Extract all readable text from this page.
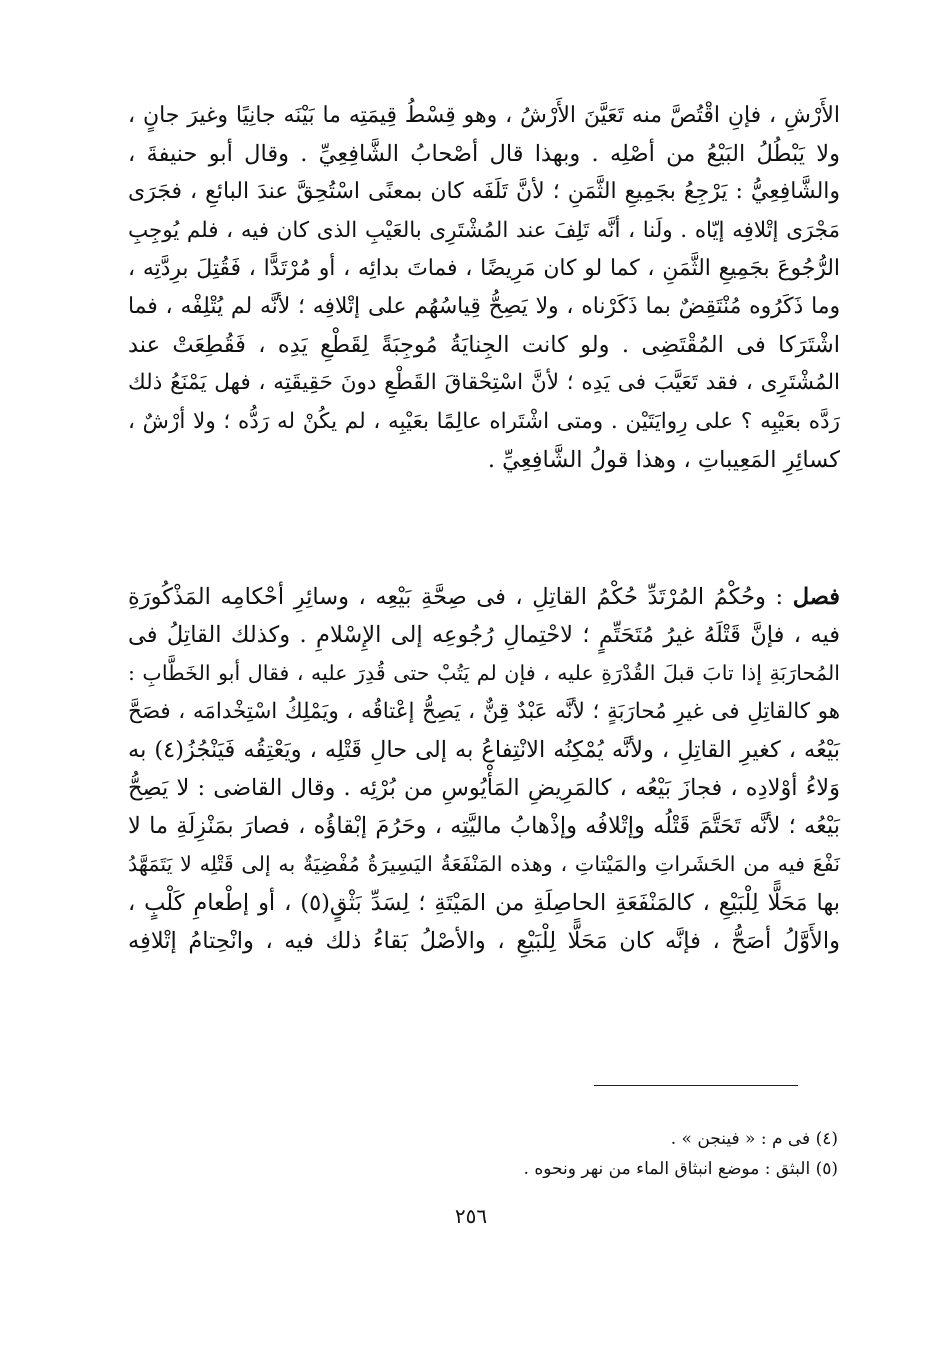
الأَرْشِ ، فإنِ اقْتُصَّ منه تَعَيَّنَ الأَرْشُ ، وهو قِسْطُ قِيمَتِه ما بَيْنَه جانِيًا وغيرَ جانٍ ،
ولا يَبْطُلُ البَيْعُ من أصْلِه . وبهذا قال أصْحابُ الشَّافِعِيِّ . وقال أبو حنيفةَ ،
والشَّافِعِيُّ : يَرْجِعُ بجَمِيعِ الثَّمَنِ ؛ لأنَّ تَلَفَه كان بمعنًى اسْتُحِقَّ عندَ البائعِ ، فجَرَى
مَجْرَى إتْلافِه إيّاه . ولَنا ، أنَّه تَلِفَ عند المُشْتَرِى بالعَيْبِ الذى كان فيه ، فلم يُوجِبِ
الرُّجُوعَ بجَمِيعِ الثَّمَنِ ، كما لو كان مَرِيضًا ، فماتَ بدائِه ، أو مُرْتَدًّا ، فَقُتِلَ برِدَّتِه ،
وما ذَكَرُوه مُنْتَقِضٌ بما ذَكَرْناه ، ولا يَصِحُّ قِياسُهُم على إتْلافِه ؛ لأنَّه لم يُتْلِفْه ، فما
اشْتَرَكا فى المُقْتَضِى . ولو كانت الجِنايَةُ مُوجِبَةً لِقَطْعِ يَدِه ، فَقُطِعَتْ عند
المُشْتَرِى ، فقد تَعَيَّبَ فى يَدِه ؛ لأنَّ اسْتِحْقاقَ القَطْعِ دونَ حَقِيقَتِه ، فهل يَمْنَعُ ذلك
رَدَّه بعَيْبِه ؟ على رِوايَتَيْن . ومتى اشْتَراه عالِمًا بعَيْبِه ، لم يكُنْ له رَدُّه ؛ ولا أرْشٌ ،
كسائِرِ المَعِيباتِ ، وهذا قولُ الشَّافِعِيِّ .
فصل : وحُكْمُ المُرْتَدِّ حُكْمُ القاتِلِ ، فى صِحَّةِ بَيْعِه ، وسائِرِ أحْكامِه المَذْكُورَةِ
فيه ، فإنَّ قَتْلَهُ غيرُ مُتَحَتِّمٍ ؛ لاحْتِمالِ رُجُوعِه إلى الإِسْلامِ . وكذلك القاتِلُ فى
المُحارَبَةِ إذا تابَ قبلَ القُدْرَةِ عليه ، فإن لم يَتُبْ حتى قُدِرَ عليه ، فقال أبو الخَطَّابِ :
هو كالقاتِلِ فى غيرِ مُحارَبَةٍ ؛ لأنَّه عَبْدٌ قِنٌّ ، يَصِحُّ إعْتاقُه ، ويَمْلِكُ اسْتِخْدامَه ، فصَحَّ
بَيْعُه ، كغيرِ القاتِلِ ، ولأنَّه يُمْكِنُه الانْتِفاعُ به إلى حالِ قَتْلِه ، ويَعْتِقُه فَيَنْجُزُ(٤) به
وَلاءُ أوْلادِه ، فجازَ بَيْعُه ، كالمَرِيضِ المَأْيُوسِ من بُرْئِه . وقال القاضى : لا يَصِحُّ
بَيْعُه ؛ لأنَّه تَحَتَّمَ قَتْلُه وإتْلافُه وإذْهابُ ماليَّتِه ، وحَرُمَ إبْقاؤُه ، فصارَ بمَنْزِلَةِ ما لا
نَفْعَ فيه من الحَشَراتِ والمَيْتاتِ ، وهذه المَنْفَعَةُ اليَسِيرَةُ مُفْضِيَةٌ به إلى قَتْلِه لا يَتَمَهَّدُ
بها مَحَلًّا لِلْبَيْعِ ، كالمَنْفَعَةِ الحاصِلَةِ من المَيْتَةِ ؛ لِسَدِّ بَثْقٍ(٥) ، أو إطْعامِ كَلْبٍ ،
والأَوَّلُ أصَحُّ ، فإنَّه كان مَحَلًّا لِلْبَيْعِ ، والأصْلُ بَقاءُ ذلك فيه ، وانْحِتامُ إتْلافِه
(٤) فى م : « فينجن » .
(٥) البثق : موضع انبثاق الماء من نهر ونحوه .
٢٥٦
